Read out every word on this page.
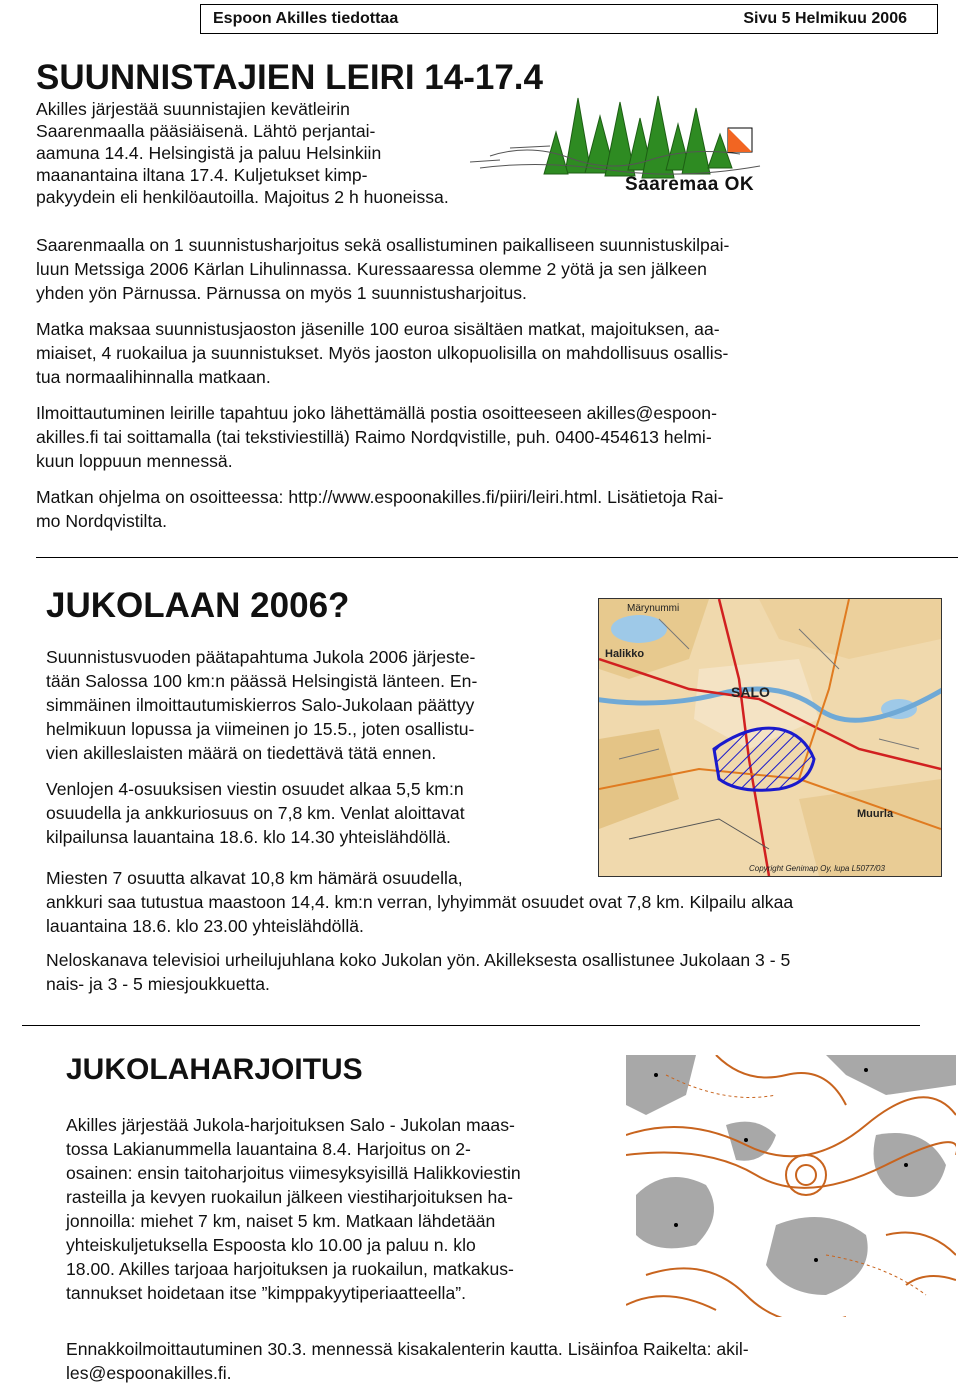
Espoon Akilles tiedottaa	Sivu 5 Helmikuu 2006
SUUNNISTAJIEN LEIRI 14-17.4

Akilles järjestää suunnistajien kevätleirin

Saarenmaalla pääsiäisenä. Lähtö perjantai-

aamuna 14.4. Helsingistä ja paluu Helsinkiin

maanantaina iltana 17.4. Kuljetukset kimp-

pakyydein eli henkilöautoilla. Majoitus 2 h huoneissa.

Saaremaa OK

Saarenmaalla on 1 suunnistusharjoitus sekä osallistuminen paikalliseen suunnistuskilpai-

luun Metssiga 2006 Kärlan Lihulinnassa. Kuressaaressa olemme 2 yötä ja sen jälkeen

yhden yön Pärnussa. Pärnussa on myös 1 suunnistusharjoitus.

Matka maksaa suunnistusjaoston jäsenille 100 euroa sisältäen matkat, majoituksen, aa-

miaiset, 4 ruokailua ja suunnistukset. Myös jaoston ulkopuolisilla on mahdollisuus osallis-

tua normaalihinnalla matkaan.

Ilmoittautuminen leirille tapahtuu joko lähettämällä postia osoitteeseen akilles@espoon-

akilles.fi tai soittamalla (tai tekstiviestillä) Raimo Nordqvistille, puh. 0400-454613 helmi-

kuun loppuun mennessä.

Matkan ohjelma on osoitteessa: http://www.espoonakilles.fi/piiri/leiri.html. Lisätietoja Rai-

mo Nordqvistilta.

JUKOLAAN 2006?

Suunnistusvuoden päätapahtuma Jukola 2006 järjeste-

tään Salossa 100 km:n päässä Helsingistä länteen. En-

simmäinen ilmoittautumiskierros Salo-Jukolaan päättyy

helmikuun lopussa ja viimeinen jo 15.5., joten osallistu-

vien akilleslaisten määrä on tiedettävä tätä ennen.

Venlojen 4-osuuksisen viestin osuudet alkaa 5,5 km:n

osuudella ja ankkuriosuus on 7,8 km. Venlat aloittavat

kilpailunsa lauantaina 18.6. klo 14.30 yhteislähdöllä.

Miesten 7 osuutta alkavat 10,8 km hämärä osuudella,

ankkuri saa tutustua maastoon 14,4. km:n verran, lyhyimmät osuudet ovat 7,8 km. Kilpailu alkaa

lauantaina 18.6. klo 23.00 yhteislähdöllä.

Neloskanava televisioi urheilujuhlana koko Jukolan yön. Akilleksesta osallistunee Jukolaan 3 - 5

nais- ja 3 - 5 miesjoukkuetta.

Märynummi
Halikko
SALO
Muurla
Copyright Genimap Oy, lupa L5077/03
JUKOLAHARJOITUS

Akilles järjestää Jukola-harjoituksen Salo - Jukolan maas-

tossa Lakianummella lauantaina 8.4. Harjoitus on 2-

osainen: ensin taitoharjoitus viimesyksyisillä Halikkoviestin

rasteilla ja kevyen ruokailun jälkeen viestiharjoituksen ha-

jonnoilla: miehet 7 km, naiset 5 km. Matkaan lähdetään

yhteiskuljetuksella Espoosta klo 10.00 ja paluu n. klo

18.00. Akilles tarjoaa harjoituksen ja ruokailun, matkakus-

tannukset hoidetaan itse ”kimppakyytiperiaatteella”.

Ennakkoilmoittautuminen 30.3. mennessä kisakalenterin kautta. Lisäinfoa Raikelta: akil-

les@espoonakilles.fi.
